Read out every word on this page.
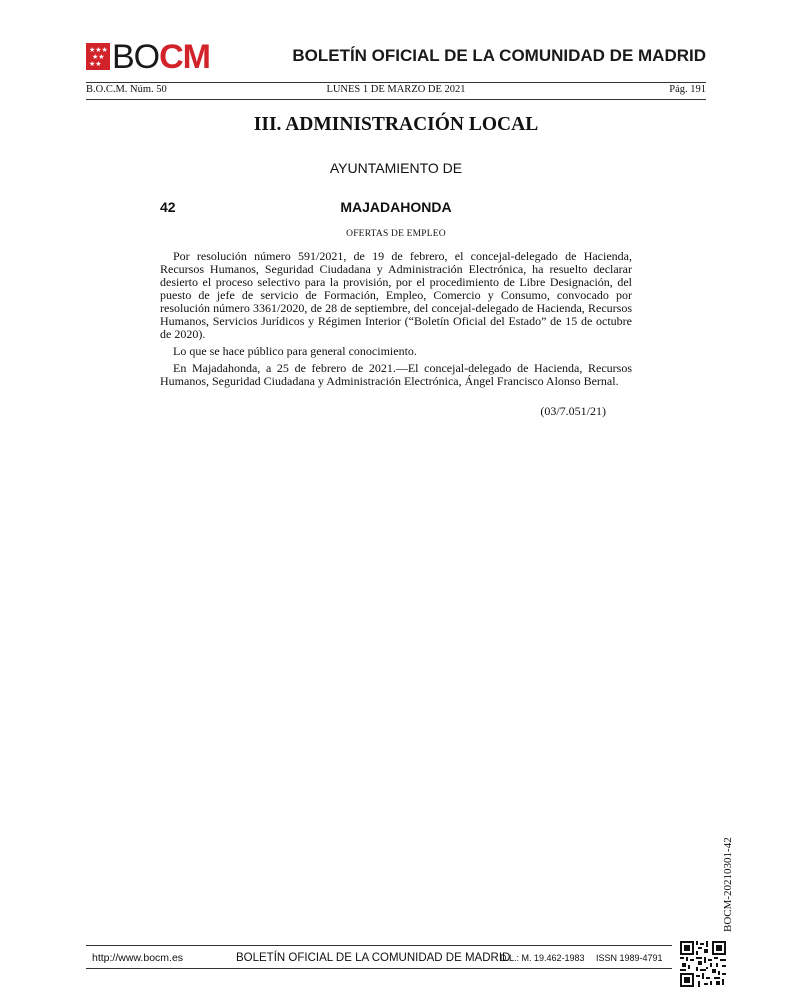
★★★
★★
★★ BO CM	BOLETÍN OFICIAL DE LA COMUNIDAD DE MADRID
B.O.C.M. Núm. 50	LUNES 1 DE MARZO DE 2021	Pág. 191
III. ADMINISTRACIÓN LOCAL
AYUNTAMIENTO DE
42	MAJADAHONDA
OFERTAS DE EMPLEO

Por resolución número 591/2021, de 19 de febrero, el concejal-delegado de Hacienda, Recursos Humanos, Seguridad Ciudadana y Administración Electrónica, ha resuelto declarar desierto el proceso selectivo para la provisión, por el procedimiento de Libre Designación, del puesto de jefe de servicio de Formación, Empleo, Comercio y Consumo, convocado por resolución número 3361/2020, de 28 de septiembre, del concejal-delegado de Hacienda, Recursos Humanos, Servicios Jurídicos y Régimen Interior (“Boletín Oficial del Estado” de 15 de octubre de 2020).

Lo que se hace público para general conocimiento.

En Majadahonda, a 25 de febrero de 2021.—El concejal-delegado de Hacienda, Recursos Humanos, Seguridad Ciudadana y Administración Electrónica, Ángel Francisco Alonso Bernal.

(03/7.051/21)
BOCM-20210301-42
http://www.bocm.es	BOLETÍN OFICIAL DE LA COMUNIDAD DE MADRID
D.L.: M. 19.462-1983 ISSN 1989-4791
